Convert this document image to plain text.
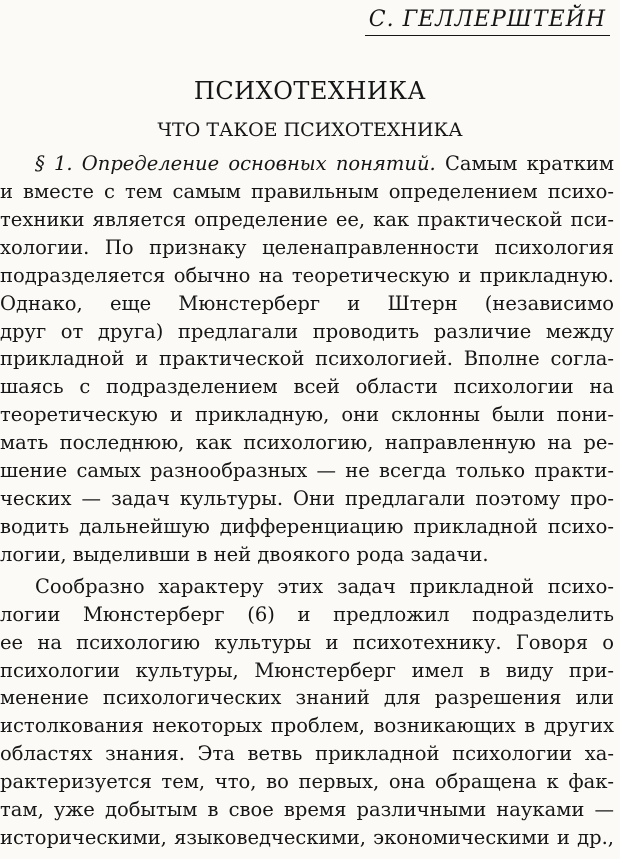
С. ГЕЛЛЕРШТЕЙН
ПСИХОТЕХНИКА
ЧТО ТАКОЕ ПСИХОТЕХНИКА
§ 1. Определение основных понятий. Самым кратким
и вместе с тем самым правильным определением психо-
техники является определение ее, как практической пси-
хологии. По признаку целенаправленности психология
подразделяется обычно на теоретическую и прикладную.
Однако, еще Мюнстерберг и Штерн (независимо
друг от друга) предлагали проводить различие между
прикладной и практической психологией. Вполне согла-
шаясь с подразделением всей области психологии на
теоретическую и прикладную, они склонны были пони-
мать последнюю, как психологию, направленную на ре-
шение самых разнообразных — не всегда только практи-
ческих — задач культуры. Они предлагали поэтому про-
водить дальнейшую дифференциацию прикладной психо-
логии, выделивши в ней двоякого рода задачи.
Сообразно характеру этих задач прикладной психо-
логии Мюнстерберг (6) и предложил подразделить
ее на психологию культуры и психотехнику. Говоря о
психологии культуры, Мюнстерберг имел в виду при-
менение психологических знаний для разрешения или
истолкования некоторых проблем, возникающих в других
областях знания. Эта ветвь прикладной психологии ха-
рактеризуется тем, что, во первых, она обращена к фак-
там, уже добытым в свое время различными науками —
историческими, языковедческими, экономическими и др.,
